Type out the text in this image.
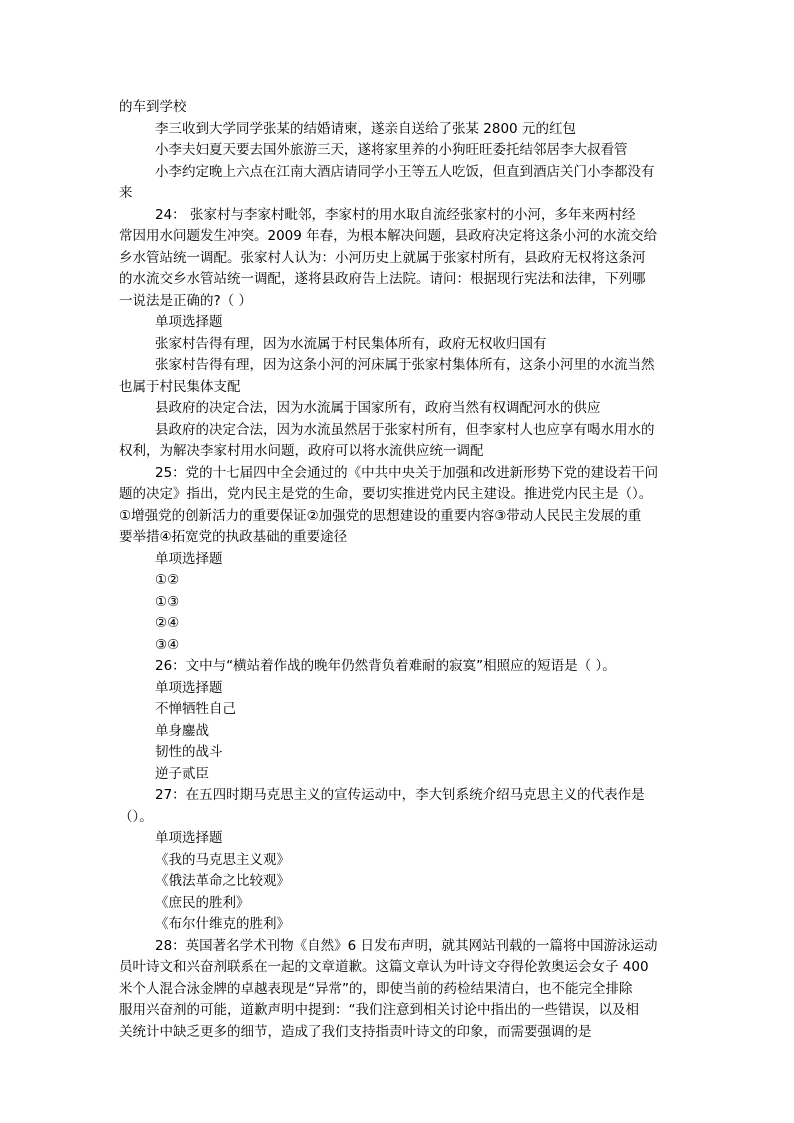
的车到学校
李三收到大学同学张某的结婚请柬，遂亲自送给了张某 2800 元的红包
小李夫妇夏天要去国外旅游三天，遂将家里养的小狗旺旺委托结邻居李大叔看管
小李约定晚上六点在江南大酒店请同学小王等五人吃饭，但直到酒店关门小李都没有
来
24： 张家村与李家村毗邻，李家村的用水取自流经张家村的小河，多年来两村经
常因用水问题发生冲突。2009 年春，为根本解决问题，县政府决定将这条小河的水流交给
乡水管站统一调配。张家村人认为：小河历史上就属于张家村所有，县政府无权将这条河
的水流交乡水管站统一调配，遂将县政府告上法院。请问：根据现行宪法和法律，下列哪
一说法是正确的?（ ）
单项选择题
张家村告得有理，因为水流属于村民集体所有，政府无权收归国有
张家村告得有理，因为这条小河的河床属于张家村集体所有，这条小河里的水流当然
也属于村民集体支配
县政府的决定合法，因为水流属于国家所有，政府当然有权调配河水的供应
县政府的决定合法，因为水流虽然居于张家村所有，但李家村人也应享有喝水用水的
权利，为解决李家村用水问题，政府可以将水流供应统一调配
25：党的十七届四中全会通过的《中共中央关于加强和改进新形势下党的建设若干问
题的决定》指出，党内民主是党的生命，要切实推进党内民主建设。推进党内民主是（）。
①增强党的创新活力的重要保证②加强党的思想建设的重要内容③带动人民民主发展的重
要举措④拓宽党的执政基础的重要途径
单项选择题
①②
①③
②④
③④
26：文中与“横站着作战的晚年仍然背负着难耐的寂寞”相照应的短语是（ ）。
单项选择题
不惮牺牲自己
单身鏖战
韧性的战斗
逆子贰臣
27：在五四时期马克思主义的宣传运动中，李大钊系统介绍马克思主义的代表作是
（）。
单项选择题
《我的马克思主义观》
《俄法革命之比较观》
《庶民的胜利》
《布尔什维克的胜利》
28：英国著名学术刊物《自然》6 日发布声明，就其网站刊载的一篇将中国游泳运动
员叶诗文和兴奋剂联系在一起的文章道歉。这篇文章认为叶诗文夺得伦敦奥运会女子 400
米个人混合泳金牌的卓越表现是“异常”的，即使当前的药检结果清白，也不能完全排除
服用兴奋剂的可能，道歉声明中提到：“我们注意到相关讨论中指出的一些错误，以及相
关统计中缺乏更多的细节，造成了我们支持指责叶诗文的印象，而需要强调的是
